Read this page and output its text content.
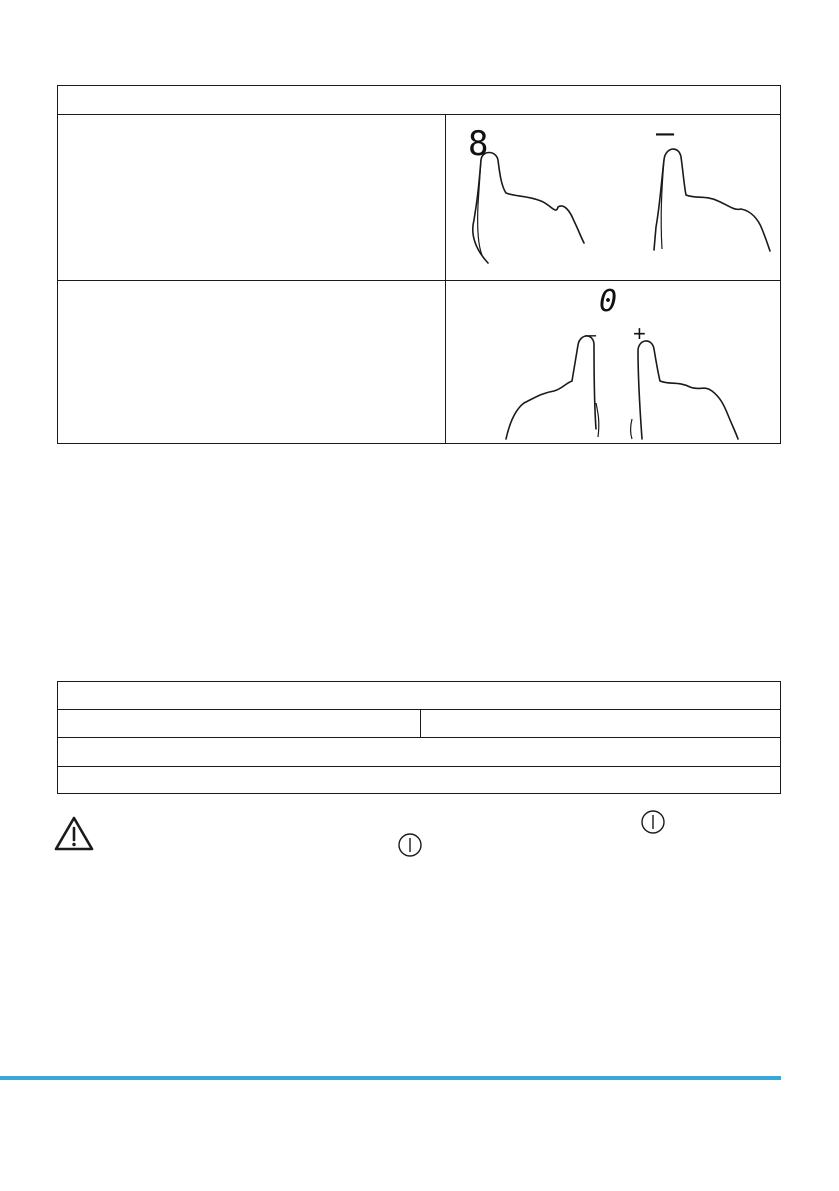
8	–
0
– +
